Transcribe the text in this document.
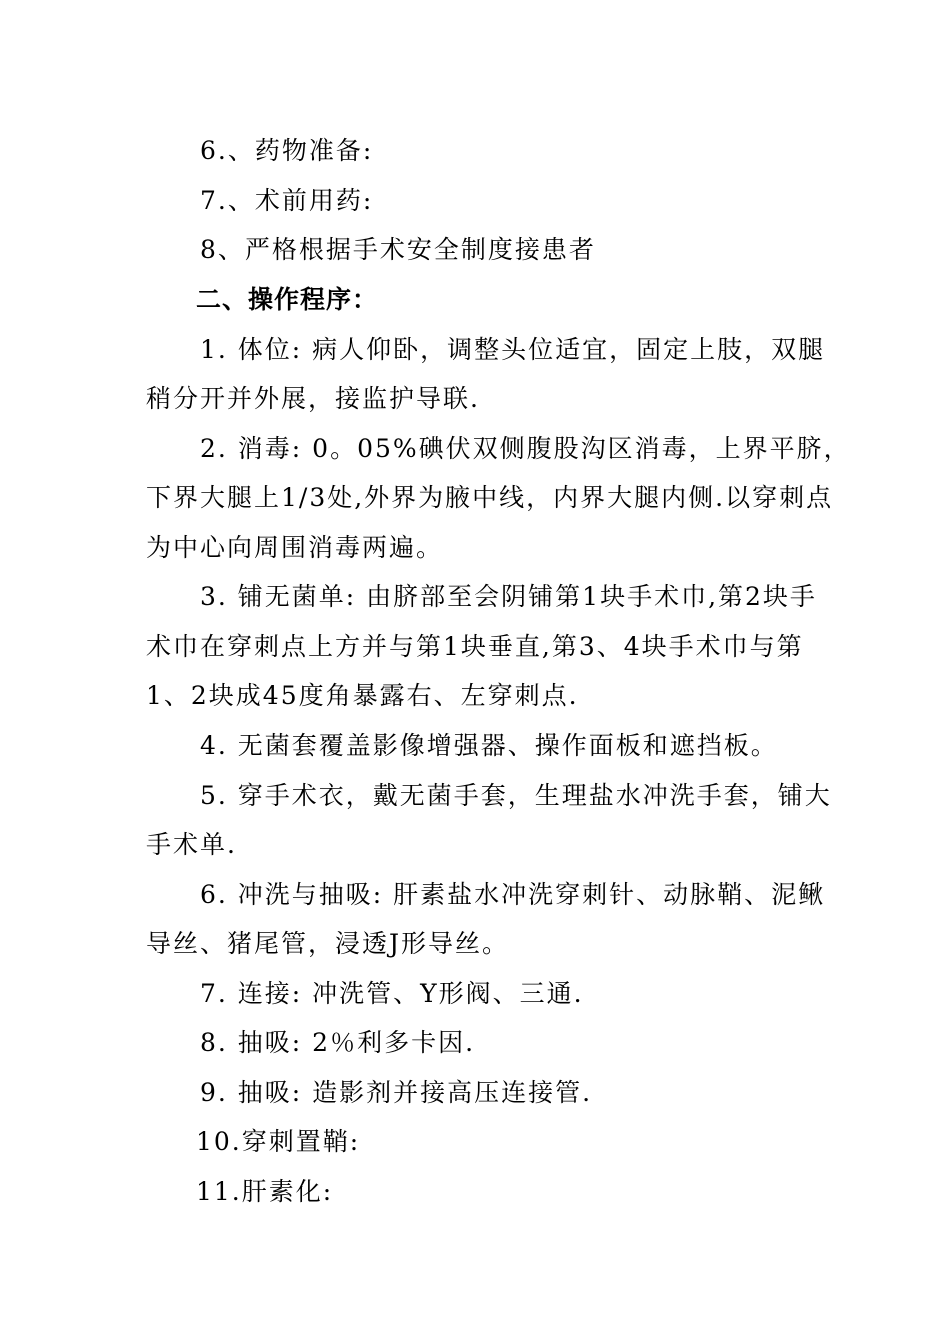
6.、药物准备:
7.、术前用药:
8、严格根据手术安全制度接患者
二、操作程序：
1. 体位: 病人仰卧，调整头位适宜，固定上肢，双腿
稍分开并外展，接监护导联.
2. 消毒: 0。05%碘伏双侧腹股沟区消毒，上界平脐，
下界大腿上1/3处,外界为腋中线，内界大腿内侧.以穿刺点
为中心向周围消毒两遍。
3. 铺无菌单: 由脐部至会阴铺第1块手术巾,第2块手
术巾在穿刺点上方并与第1块垂直,第3、4块手术巾与第
1、2块成45度角暴露右、左穿刺点.
4. 无菌套覆盖影像增强器、操作面板和遮挡板。
5. 穿手术衣，戴无菌手套，生理盐水冲洗手套，铺大
手术单.
6. 冲洗与抽吸: 肝素盐水冲洗穿刺针、动脉鞘、泥鳅
导丝、猪尾管，浸透J形导丝。
7. 连接: 冲洗管、Y形阀、三通.
8. 抽吸: 2％利多卡因.
9. 抽吸: 造影剂并接高压连接管.
10.穿刺置鞘:
11.肝素化:
